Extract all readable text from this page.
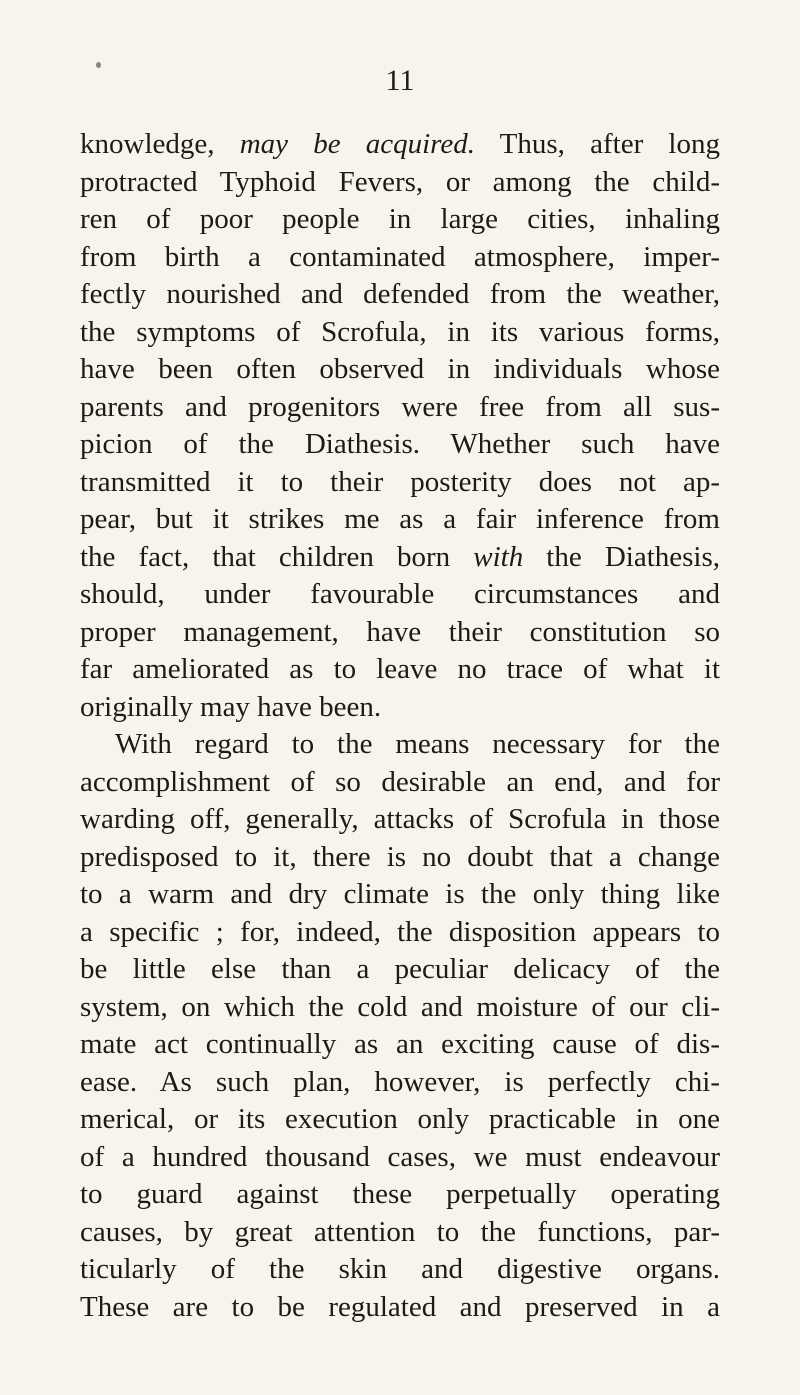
11
knowledge, may be acquired. Thus, after long
protracted Typhoid Fevers, or among the child-
ren of poor people in large cities, inhaling
from birth a contaminated atmosphere, imper-
fectly nourished and defended from the weather,
the symptoms of Scrofula, in its various forms,
have been often observed in individuals whose
parents and progenitors were free from all sus-
picion of the Diathesis. Whether such have
transmitted it to their posterity does not ap-
pear, but it strikes me as a fair inference from
the fact, that children born with the Diathesis,
should, under favourable circumstances and
proper management, have their constitution so
far ameliorated as to leave no trace of what it
originally may have been.
With regard to the means necessary for the
accomplishment of so desirable an end, and for
warding off, generally, attacks of Scrofula in those
predisposed to it, there is no doubt that a change
to a warm and dry climate is the only thing like
a specific ; for, indeed, the disposition appears to
be little else than a peculiar delicacy of the
system, on which the cold and moisture of our cli-
mate act continually as an exciting cause of dis-
ease. As such plan, however, is perfectly chi-
merical, or its execution only practicable in one
of a hundred thousand cases, we must endeavour
to guard against these perpetually operating
causes, by great attention to the functions, par-
ticularly of the skin and digestive organs.
These are to be regulated and preserved in a
